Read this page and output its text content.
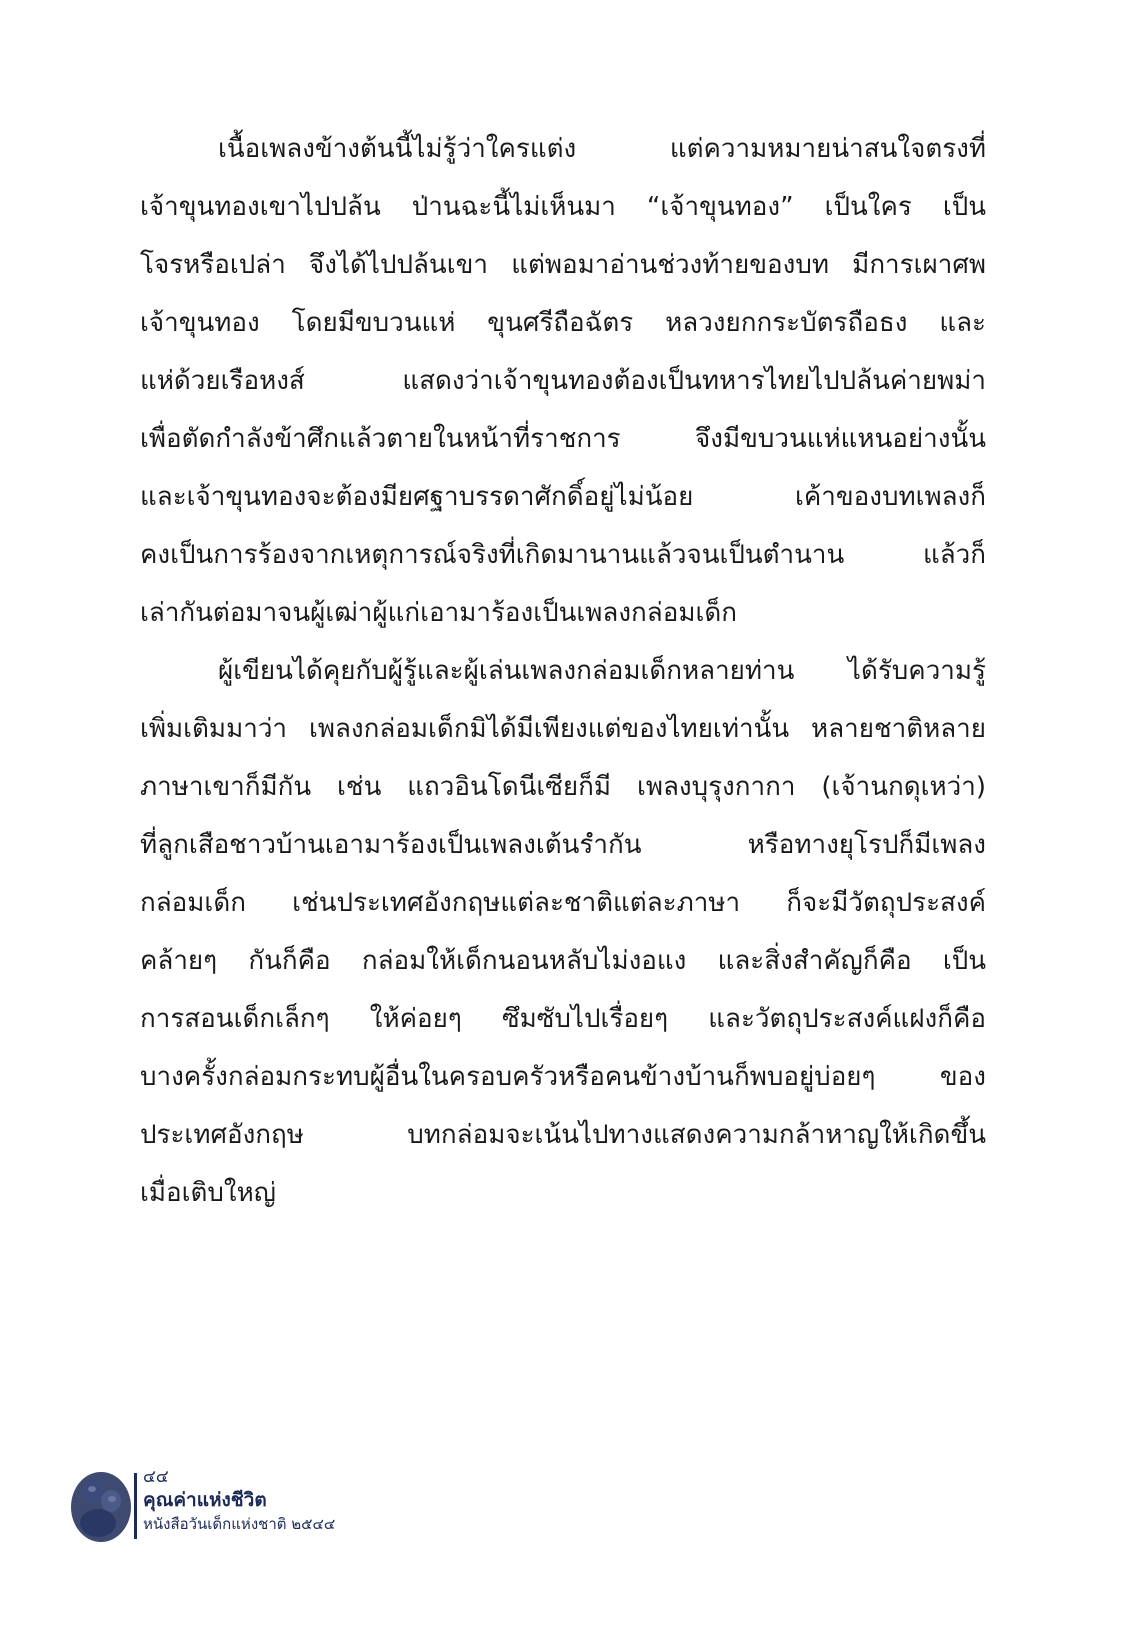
เนื้อเพลงข้างต้นนี้ไม่รู้ว่าใครแต่ง แต่ความหมายน่าสนใจตรงที่
เจ้าขุนทองเขาไปปล้น ป่านฉะนี้ไม่เห็นมา “เจ้าขุนทอง” เป็นใคร เป็น
โจรหรือเปล่า จึงได้ไปปล้นเขา แต่พอมาอ่านช่วงท้ายของบท มีการเผาศพ
เจ้าขุนทอง โดยมีขบวนแห่ ขุนศรีถือฉัตร หลวงยกกระบัตรถือธง และ
แห่ด้วยเรือหงส์ แสดงว่าเจ้าขุนทองต้องเป็นทหารไทยไปปล้นค่ายพม่า
เพื่อตัดกำลังข้าศึกแล้วตายในหน้าที่ราชการ จึงมีขบวนแห่แหนอย่างนั้น
และเจ้าขุนทองจะต้องมียศฐาบรรดาศักดิ์อยู่ไม่น้อย เค้าของบทเพลงก็
คงเป็นการร้องจากเหตุการณ์จริงที่เกิดมานานแล้วจนเป็นตำนาน แล้วก็
เล่ากันต่อมาจนผู้เฒ่าผู้แก่เอามาร้องเป็นเพลงกล่อมเด็ก
ผู้เขียนได้คุยกับผู้รู้และผู้เล่นเพลงกล่อมเด็กหลายท่าน ได้รับความรู้
เพิ่มเติมมาว่า เพลงกล่อมเด็กมิได้มีเพียงแต่ของไทยเท่านั้น หลายชาติหลาย
ภาษาเขาก็มีกัน เช่น แถวอินโดนีเซียก็มี เพลงบุรุงกากา (เจ้านกดุเหว่า)
ที่ลูกเสือชาวบ้านเอามาร้องเป็นเพลงเต้นรำกัน หรือทางยุโรปก็มีเพลง
กล่อมเด็ก เช่นประเทศอังกฤษแต่ละชาติแต่ละภาษา ก็จะมีวัตถุประสงค์
คล้ายๆ กันก็คือ กล่อมให้เด็กนอนหลับไม่งอแง และสิ่งสำคัญก็คือ เป็น
การสอนเด็กเล็กๆ ให้ค่อยๆ ซึมซับไปเรื่อยๆ และวัตถุประสงค์แฝงก็คือ
บางครั้งกล่อมกระทบผู้อื่นในครอบครัวหรือคนข้างบ้านก็พบอยู่บ่อยๆ ของ
ประเทศอังกฤษ บทกล่อมจะเน้นไปทางแสดงความกล้าหาญให้เกิดขึ้น
เมื่อเติบใหญ่
๔๔
คุณค่าแห่งชีวิต
หนังสือวันเด็กแห่งชาติ ๒๕๔๔
